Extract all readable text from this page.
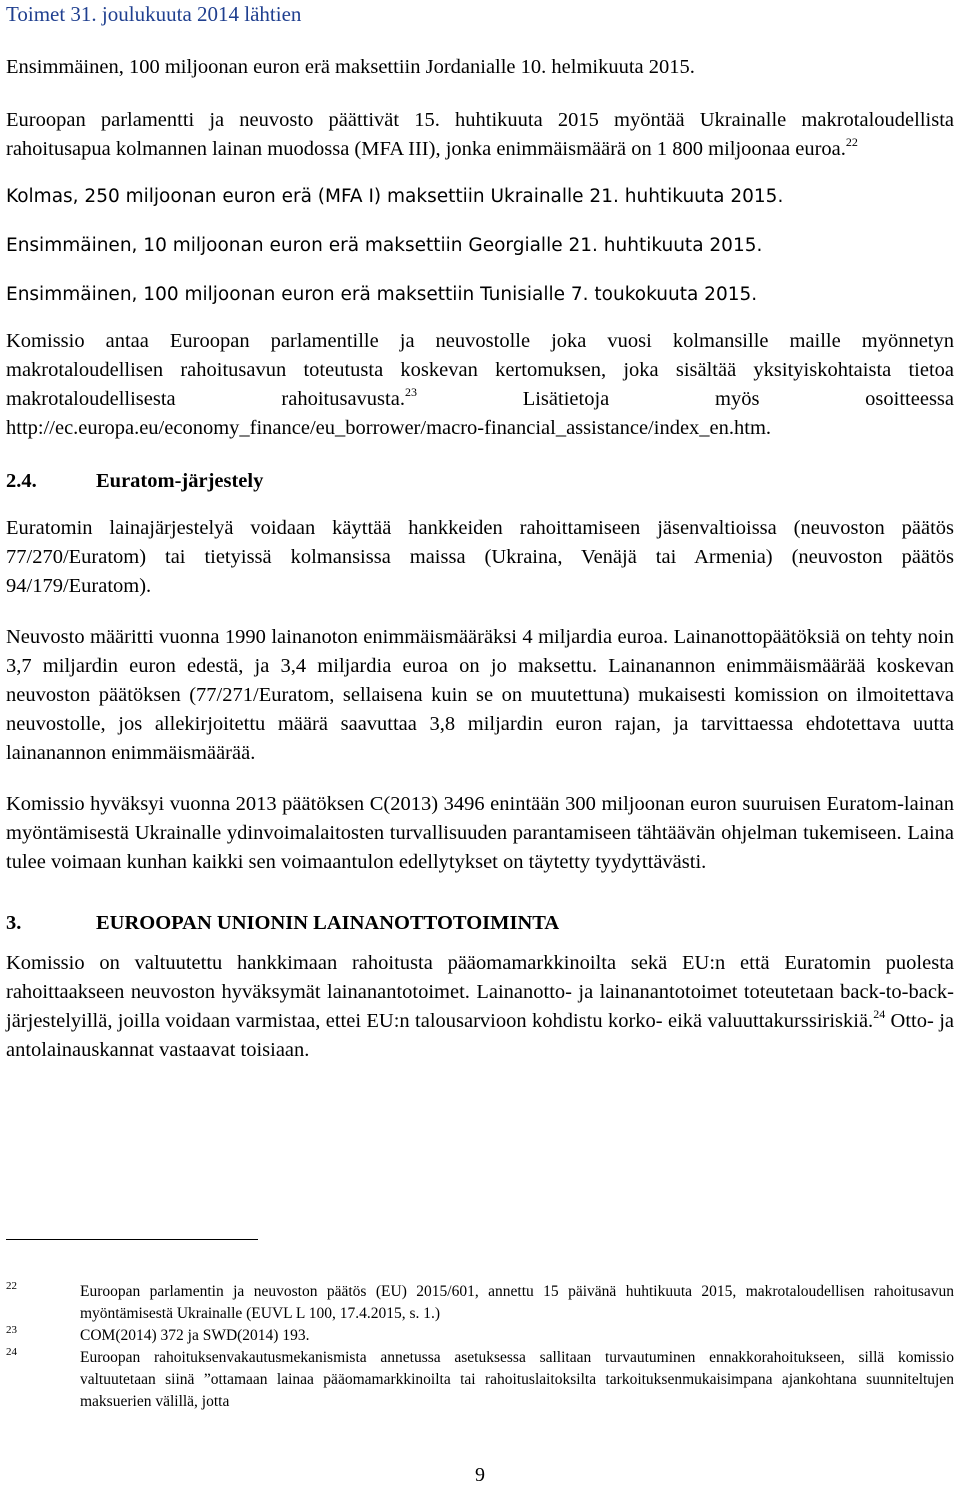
Toimet 31. joulukuuta 2014 lähtien

Ensimmäinen, 100 miljoonan euron erä maksettiin Jordanialle 10. helmikuuta 2015.

Euroopan parlamentti ja neuvosto päättivät 15. huhtikuuta 2015 myöntää Ukrainalle makrotaloudellista rahoitusapua kolmannen lainan muodossa (MFA III), jonka enimmäismäärä on 1 800 miljoonaa euroa.$^{22}$

Kolmas, 250 miljoonan euron erä (MFA I) maksettiin Ukrainalle 21. huhtikuuta 2015.

Ensimmäinen, 10 miljoonan euron erä maksettiin Georgialle 21. huhtikuuta 2015.

Ensimmäinen, 100 miljoonan euron erä maksettiin Tunisialle 7. toukokuuta 2015.

Komissio antaa Euroopan parlamentille ja neuvostolle joka vuosi kolmansille maille myönnetyn makrotaloudellisen rahoitusavun toteutusta koskevan kertomuksen, joka sisältää yksityiskohtaista tietoa makrotaloudellisesta rahoitusavusta.$^{23}$ Lisätietoja myös osoitteessa http://ec.europa.eu/economy_finance/eu_borrower/macro-financial_assistance/index_en.htm.

2.4.	Euratom-järjestely

Euratomin lainajärjestelyä voidaan käyttää hankkeiden rahoittamiseen jäsenvaltioissa (neuvoston päätös 77/270/Euratom) tai tietyissä kolmansissa maissa (Ukraina, Venäjä tai Armenia) (neuvoston päätös 94/179/Euratom).

Neuvosto määritti vuonna 1990 lainanoton enimmäismääräksi 4 miljardia euroa. Lainanottopäätöksiä on tehty noin 3,7 miljardin euron edestä, ja 3,4 miljardia euroa on jo maksettu. Lainanannon enimmäismäärää koskevan neuvoston päätöksen (77/271/Euratom, sellaisena kuin se on muutettuna) mukaisesti komission on ilmoitettava neuvostolle, jos allekirjoitettu määrä saavuttaa 3,8 miljardin euron rajan, ja tarvittaessa ehdotettava uutta lainanannon enimmäismäärää.

Komissio hyväksyi vuonna 2013 päätöksen C(2013) 3496 enintään 300 miljoonan euron suuruisen Euratom-lainan myöntämisestä Ukrainalle ydinvoimalaitosten turvallisuuden parantamiseen tähtäävän ohjelman tukemiseen. Laina tulee voimaan kunhan kaikki sen voimaantulon edellytykset on täytetty tyydyttävästi.

3.	EUROOPAN UNIONIN LAINANOTTOTOIMINTA

Komissio on valtuutettu hankkimaan rahoitusta pääomamarkkinoilta sekä EU:n että Euratomin puolesta rahoittaakseen neuvoston hyväksymät lainanantotoimet. Lainanotto- ja lainanantotoimet toteutetaan back-to-back-järjestelyillä, joilla voidaan varmistaa, ettei EU:n talousarvioon kohdistu korko- eikä valuuttakurssiriskiä.$^{24}$ Otto- ja antolainauskannat vastaavat toisiaan.

22	Euroopan parlamentin ja neuvoston päätös (EU) 2015/601, annettu 15 päivänä huhtikuuta 2015, makrotaloudellisen rahoitusavun myöntämisestä Ukrainalle (EUVL L 100, 17.4.2015, s. 1.)
23	COM(2014) 372 ja SWD(2014) 193.
24	Euroopan rahoituksenvakautusmekanismista annetussa asetuksessa sallitaan turvautuminen ennakkorahoitukseen, sillä komissio valtuutetaan siinä ”ottamaan lainaa pääomamarkkinoilta tai rahoituslaitoksilta tarkoituksenmukaisimpana ajankohtana suunniteltujen maksuerien välillä, jotta
9
